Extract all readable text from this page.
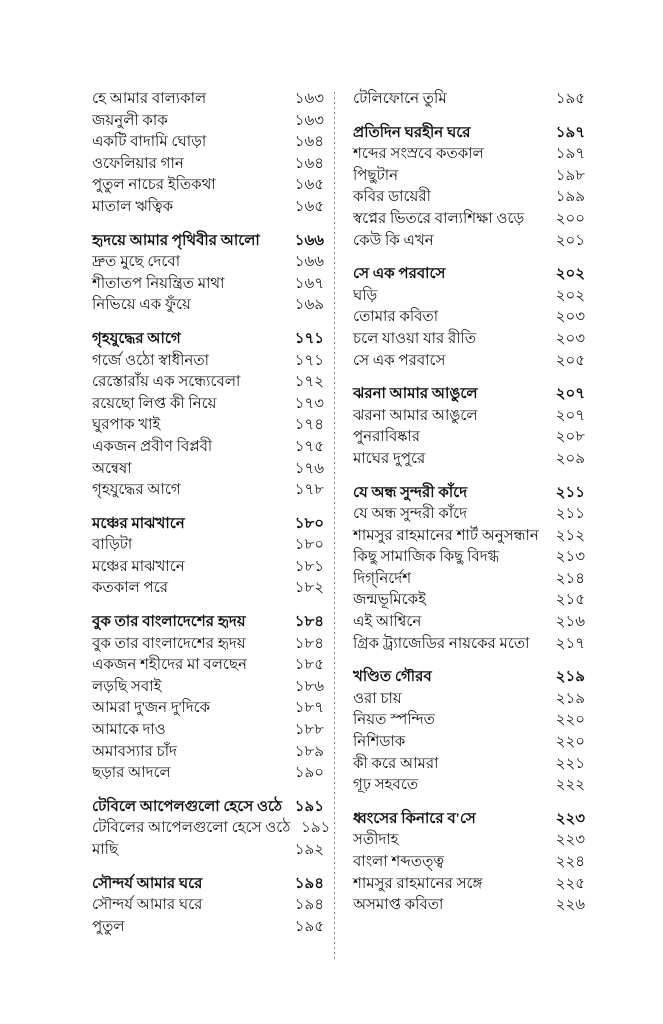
হে আমার বাল্যকাল	১৬৩
জয়নুলী কাক	১৬৩
একটি বাদামি ঘোড়া	১৬৪
ওফেলিয়ার গান	১৬৪
পুতুল নাচের ইতিকথা	১৬৫
মাতাল ঋত্বিক	১৬৫
হৃদয়ে আমার পৃথিবীর আলো	১৬৬
দ্রুত মুছে দেবো	১৬৬
শীতাতপ নিয়ন্ত্রিত মাথা	১৬৭
নিভিয়ে এক ফুঁয়ে	১৬৯
গৃহযুদ্ধের আগে	১৭১
গর্জে ওঠো স্বাধীনতা	১৭১
রেস্তোরাঁয় এক সন্ধ্যেবেলা	১৭২
রয়েছো লিপ্ত কী নিয়ে	১৭৩
ঘুরপাক খাই	১৭৪
একজন প্রবীণ বিপ্লবী	১৭৫
অন্বেষা	১৭৬
গৃহযুদ্ধের আগে	১৭৮
মঞ্চের মাঝখানে	১৮০
বাড়িটা	১৮০
মঞ্চের মাঝখানে	১৮১
কতকাল পরে	১৮২
বুক তার বাংলাদেশের হৃদয়	১৮৪
বুক তার বাংলাদেশের হৃদয়	১৮৪
একজন শহীদের মা বলছেন	১৮৫
লড়ছি সবাই	১৮৬
আমরা দু'জন দু'দিকে	১৮৭
আমাকে দাও	১৮৮
অমাবস্যার চাঁদ	১৮৯
ছড়ার আদলে	১৯০
টেবিলে আপেলগুলো হেসে ওঠে ১৯১
টেবিলের আপেলগুলো হেসে ওঠে ১৯১
মাছি	১৯২
সৌন্দর্য আমার ঘরে	১৯৪
সৌন্দর্য আমার ঘরে	১৯৪
পুতুল	১৯৫
টেলিফোনে তুমি	১৯৫
প্রতিদিন ঘরহীন ঘরে	১৯৭
শব্দের সংস্রবে কতকাল	১৯৭
পিছুটান	১৯৮
কবির ডায়েরী	১৯৯
স্বপ্নের ভিতরে বাল্যশিক্ষা ওড়ে	২০০
কেউ কি এখন	২০১
সে এক পরবাসে	২০২
ঘড়ি	২০২
তোমার কবিতা	২০৩
চলে যাওয়া যার রীতি	২০৩
সে এক পরবাসে	২০৫
ঝরনা আমার আঙুলে	২০৭
ঝরনা আমার আঙুলে	২০৭
পুনরাবিষ্কার	২০৮
মাঘের দুপুরে	২০৯
যে অন্ধ সুন্দরী কাঁদে	২১১
যে অন্ধ সুন্দরী কাঁদে	২১১
শামসুর রাহমানের শার্ট অনুসন্ধান	২১২
কিছু সামাজিক কিছু বিদগ্ধ	২১৩
দিগ্‌নির্দেশ	২১৪
জন্মভূমিকেই	২১৫
এই আশ্বিনে	২১৬
গ্রিক ট্র্যাজেডির নায়কের মতো	২১৭
খণ্ডিত গৌরব	২১৯
ওরা চায়	২১৯
নিয়ত স্পন্দিত	২২০
নিশিডাক	২২০
কী করে আমরা	২২১
গূঢ় সহবতে	২২২
ধ্বংসের কিনারে ব'সে	২২৩
সতীদাহ	২২৩
বাংলা শব্দতত্ত্ব	২২৪
শামসুর রাহমানের সঙ্গে	২২৫
অসমাপ্ত কবিতা	২২৬
